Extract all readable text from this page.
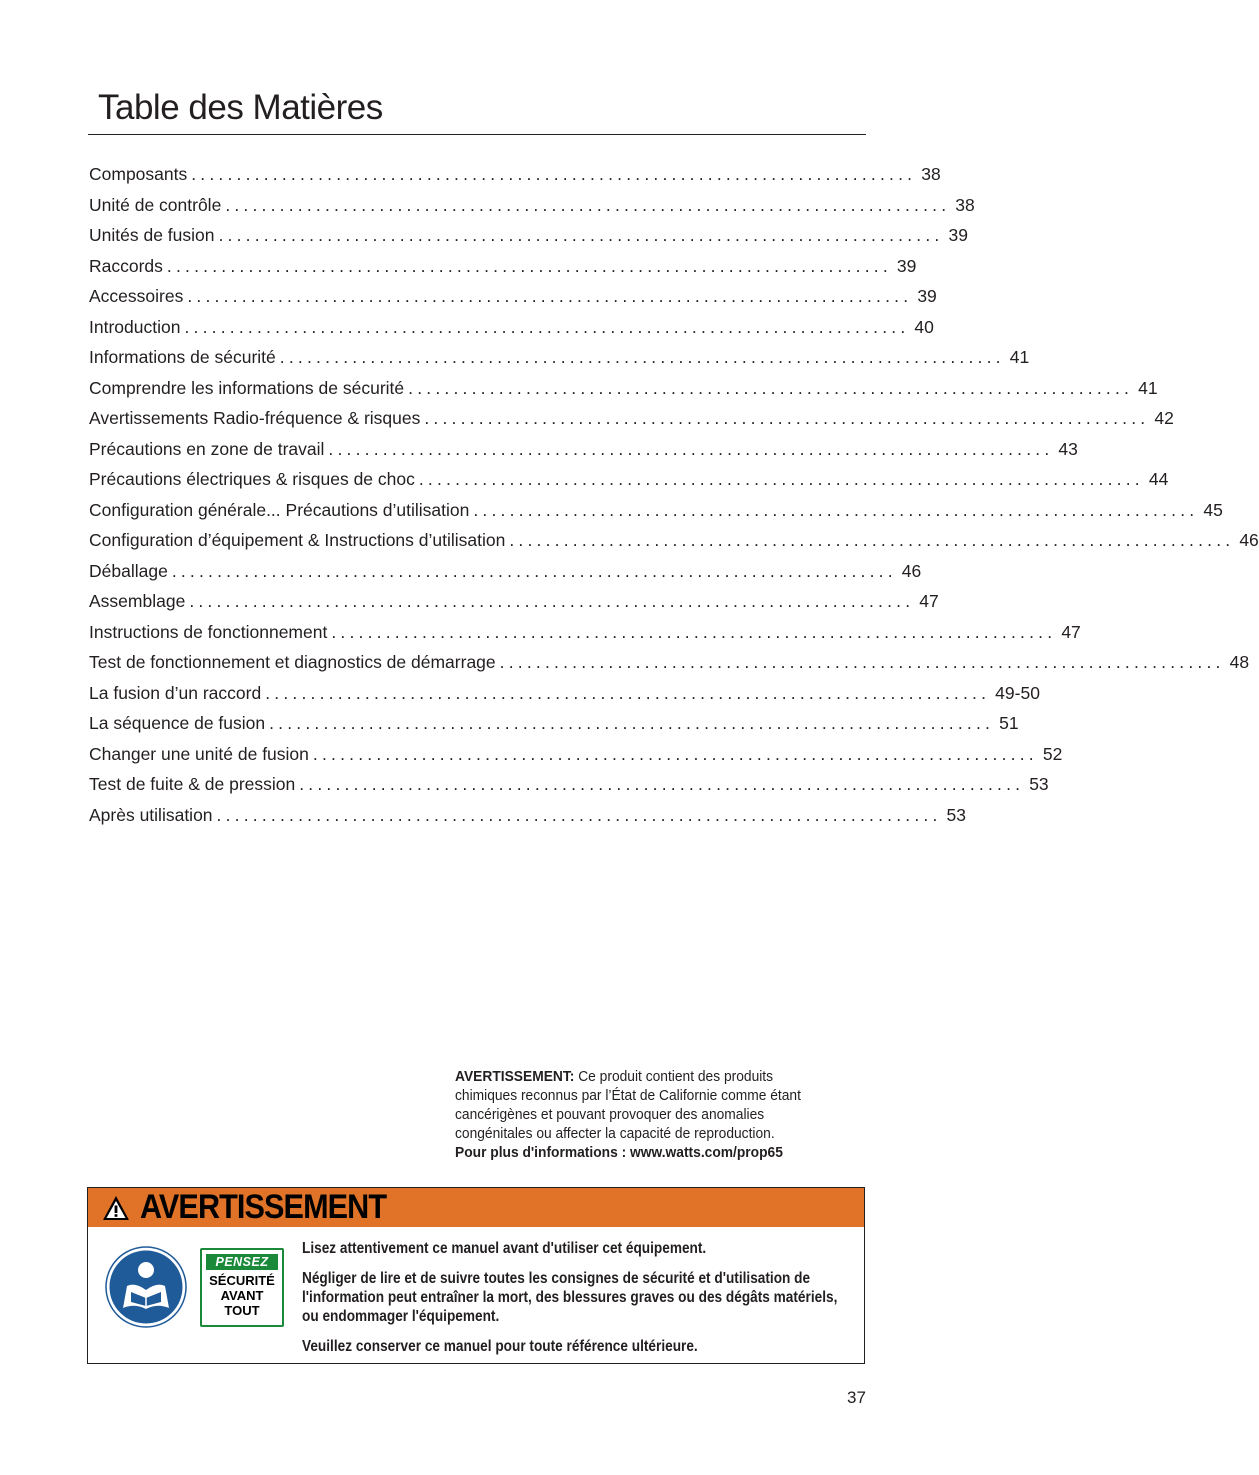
Table des Matières
Composants ................................................................................ 38
Unité de contrôle ................................................................................ 38
Unités de fusion ................................................................................ 39
Raccords ................................................................................ 39
Accessoires ................................................................................ 39
Introduction ................................................................................ 40
Informations de sécurité ................................................................................ 41
Comprendre les informations de sécurité ................................................................................ 41
Avertissements Radio-fréquence & risques ................................................................................ 42
Précautions en zone de travail ................................................................................ 43
Précautions électriques & risques de choc ................................................................................ 44
Configuration générale... Précautions d’utilisation ................................................................................ 45
Configuration d’équipement & Instructions d’utilisation ................................................................................ 46
Déballage ................................................................................ 46
Assemblage ................................................................................ 47
Instructions de fonctionnement ................................................................................ 47
Test de fonctionnement et diagnostics de démarrage ................................................................................ 48
La fusion d’un raccord ................................................................................ 49-50
La séquence de fusion ................................................................................ 51
Changer une unité de fusion ................................................................................ 52
Test de fuite & de pression ................................................................................ 53
Après utilisation ................................................................................ 53
AVERTISSEMENT: Ce produit contient des produits chimiques reconnus par l’État de Californie comme étant cancérigènes et pouvant provoquer des anomalies congénitales ou affecter la capacité de reproduction.
Pour plus d'informations : www.watts.com/prop65
AVERTISSEMENT
PENSEZ
SÉCURITÉ
AVANT
TOUT

Lisez attentivement ce manuel avant d'utiliser cet équipement.

Négliger de lire et de suivre toutes les consignes de sécurité et d'utilisation de l'information peut entraîner la mort, des blessures graves ou des dégâts matériels, ou endommager l'équipement.

Veuillez conserver ce manuel pour toute référence ultérieure.

37
